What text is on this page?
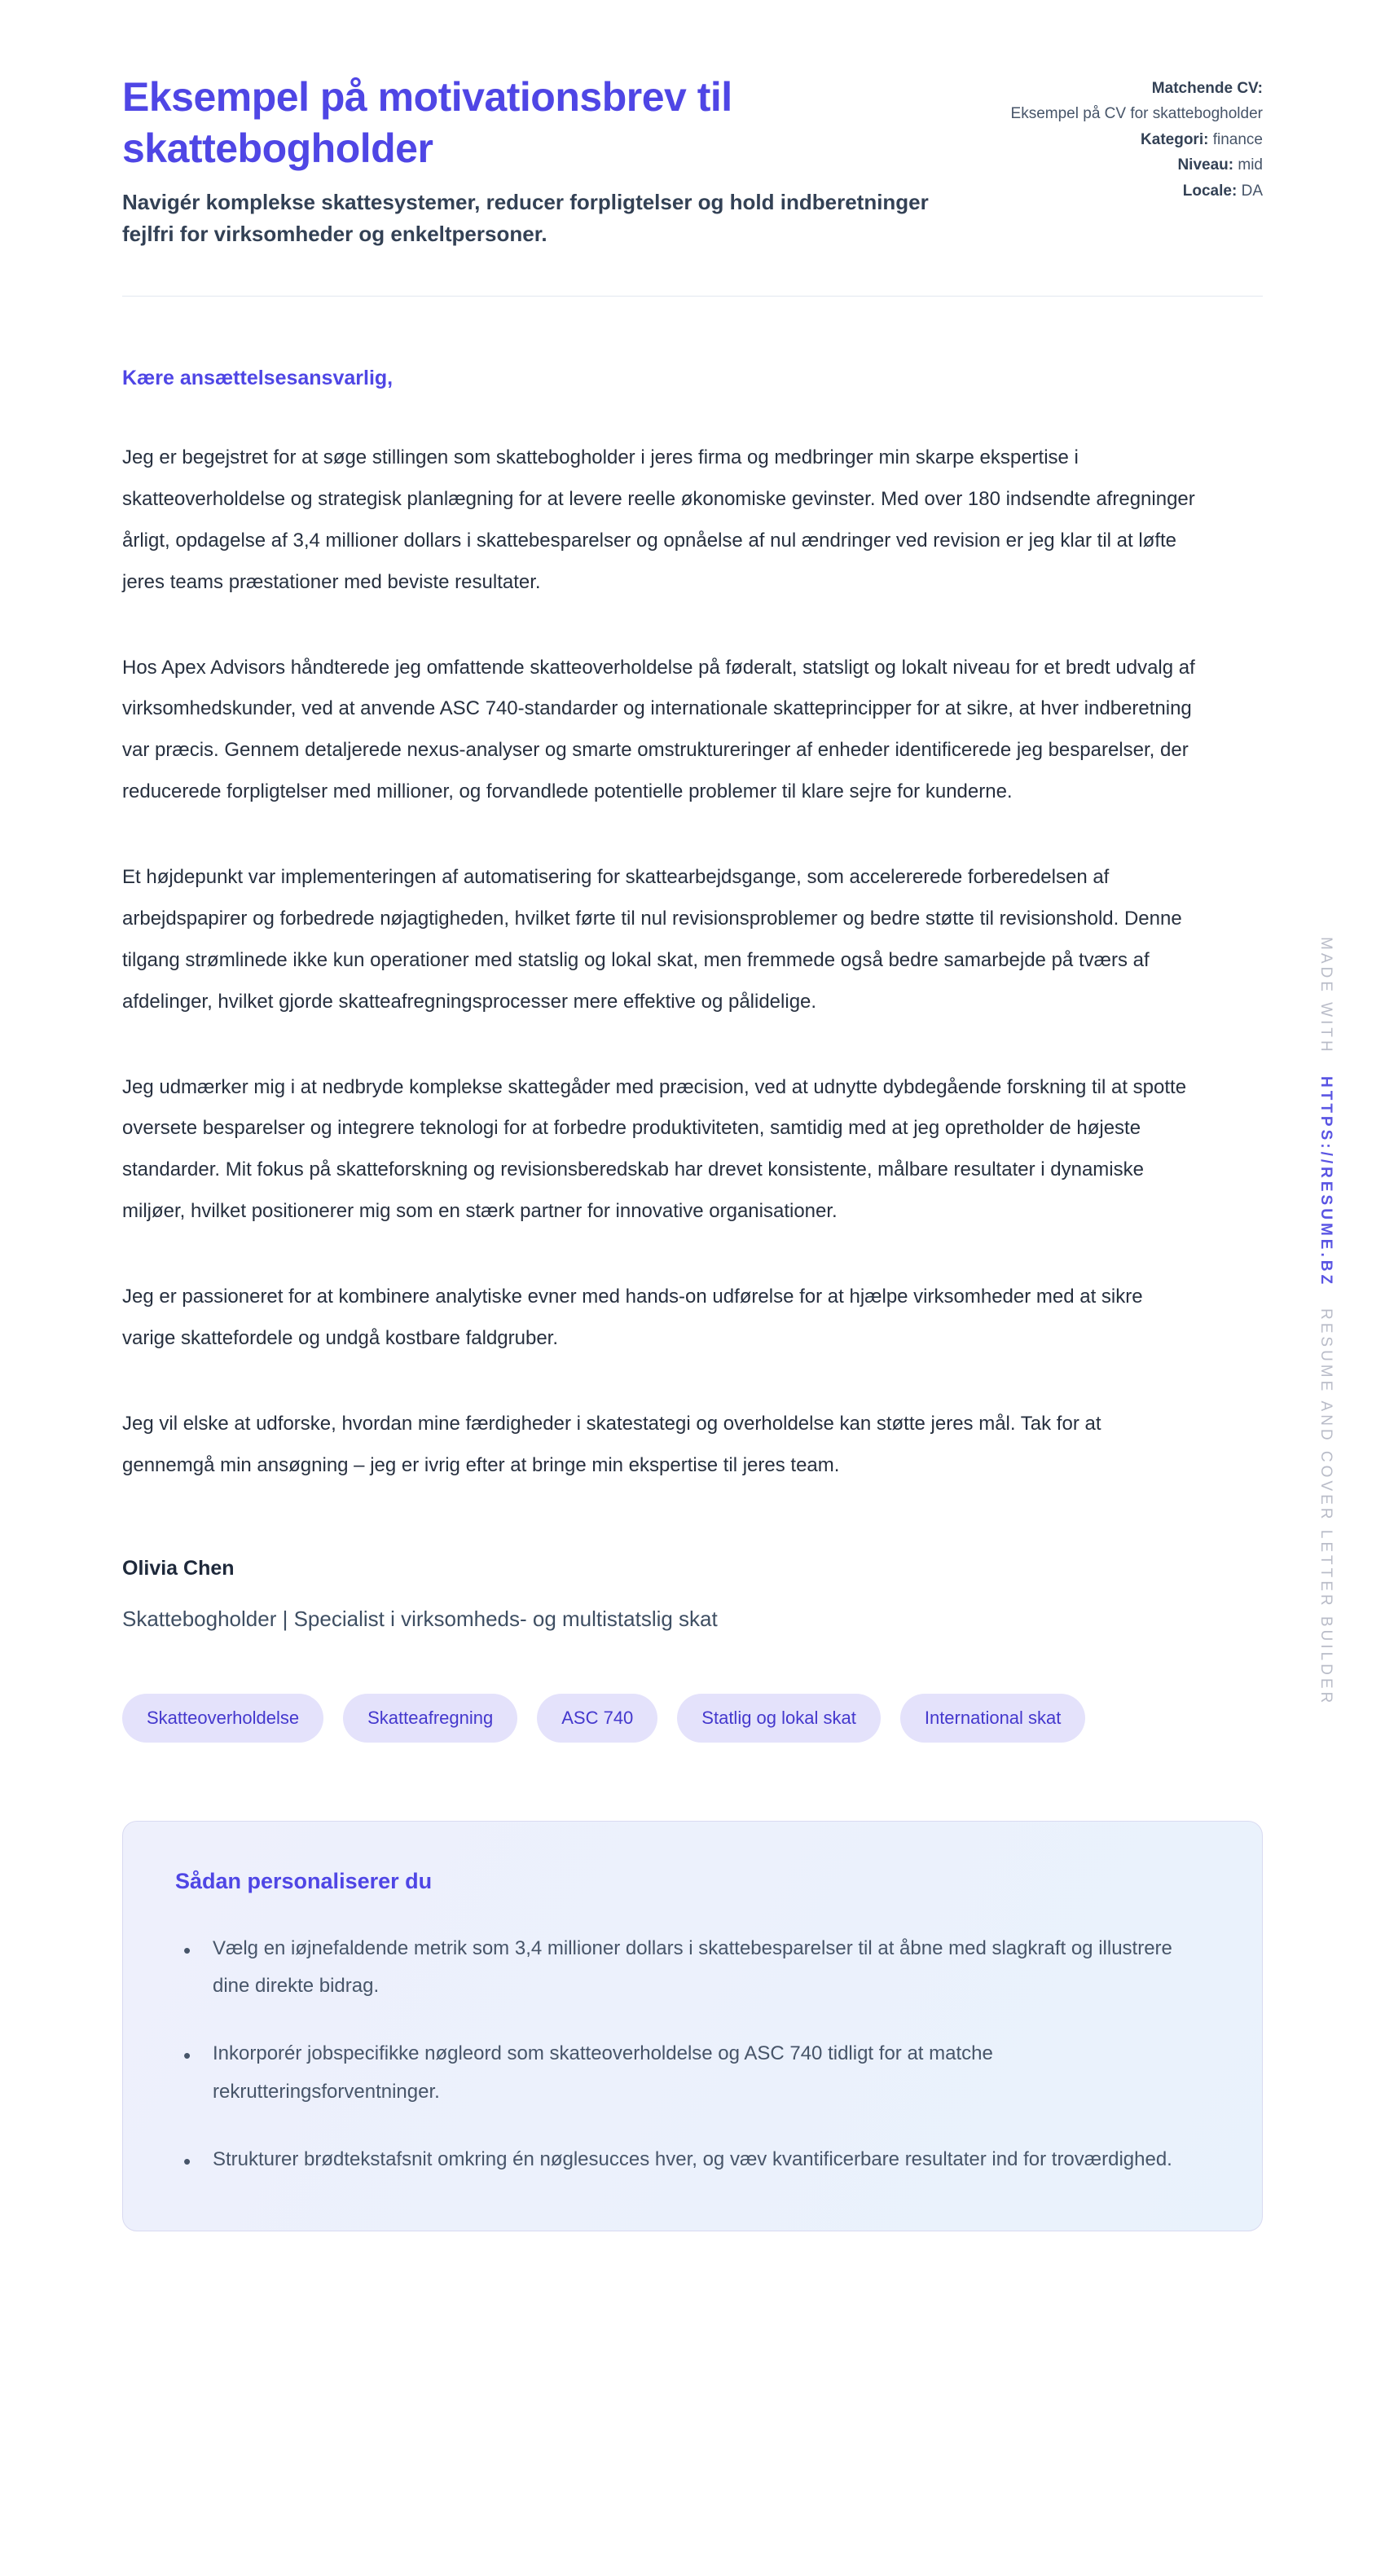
Eksempel på motivationsbrev til skattebogholder
Navigér komplekse skattesystemer, reducer forpligtelser og hold indberetninger fejlfri for virksomheder og enkeltpersoner.
Matchende CV:
Eksempel på CV for skattebogholder
Kategori: finance
Niveau: mid
Locale: DA
Kære ansættelsesansvarlig,

Jeg er begejstret for at søge stillingen som skattebogholder i jeres firma og medbringer min skarpe ekspertise i skatteoverholdelse og strategisk planlægning for at levere reelle økonomiske gevinster. Med over 180 indsendte afregninger årligt, opdagelse af 3,4 millioner dollars i skattebesparelser og opnåelse af nul ændringer ved revision er jeg klar til at løfte jeres teams præstationer med beviste resultater.

Hos Apex Advisors håndterede jeg omfattende skatteoverholdelse på føderalt, statsligt og lokalt niveau for et bredt udvalg af virksomhedskunder, ved at anvende ASC 740-standarder og internationale skatteprincipper for at sikre, at hver indberetning var præcis. Gennem detaljerede nexus-analyser og smarte omstruktureringer af enheder identificerede jeg besparelser, der reducerede forpligtelser med millioner, og forvandlede potentielle problemer til klare sejre for kunderne.

Et højdepunkt var implementeringen af automatisering for skattearbejdsgange, som accelererede forberedelsen af arbejdspapirer og forbedrede nøjagtigheden, hvilket førte til nul revisionsproblemer og bedre støtte til revisionshold. Denne tilgang strømlinede ikke kun operationer med statslig og lokal skat, men fremmede også bedre samarbejde på tværs af afdelinger, hvilket gjorde skatteafregningsprocesser mere effektive og pålidelige.

Jeg udmærker mig i at nedbryde komplekse skattegåder med præcision, ved at udnytte dybdegående forskning til at spotte oversete besparelser og integrere teknologi for at forbedre produktiviteten, samtidig med at jeg opretholder de højeste standarder. Mit fokus på skatteforskning og revisionsberedskab har drevet konsistente, målbare resultater i dynamiske miljøer, hvilket positionerer mig som en stærk partner for innovative organisationer.

Jeg er passioneret for at kombinere analytiske evner med hands-on udførelse for at hjælpe virksomheder med at sikre varige skattefordele og undgå kostbare faldgruber.

Jeg vil elske at udforske, hvordan mine færdigheder i skatestategi og overholdelse kan støtte jeres mål. Tak for at gennemgå min ansøgning – jeg er ivrig efter at bringe min ekspertise til jeres team.

Olivia Chen
Skattebogholder | Specialist i virksomheds- og multistatslig skat
Skatteoverholdelse	Skatteafregning	ASC 740	Statlig og lokal skat	International skat
Sådan personaliserer du
• Vælg en iøjnefaldende metrik som 3,4 millioner dollars i skattebesparelser til at åbne med slagkraft og illustrere dine direkte bidrag.
• Inkorporér jobspecifikke nøgleord som skatteoverholdelse og ASC 740 tidligt for at matche rekrutteringsforventninger.
• Strukturer brødtekstafsnit omkring én nøglesucces hver, og væv kvantificerbare resultater ind for troværdighed.
MADE WITH
HTTPS://RESUME.BZ
RESUME AND COVER LETTER BUILDER
